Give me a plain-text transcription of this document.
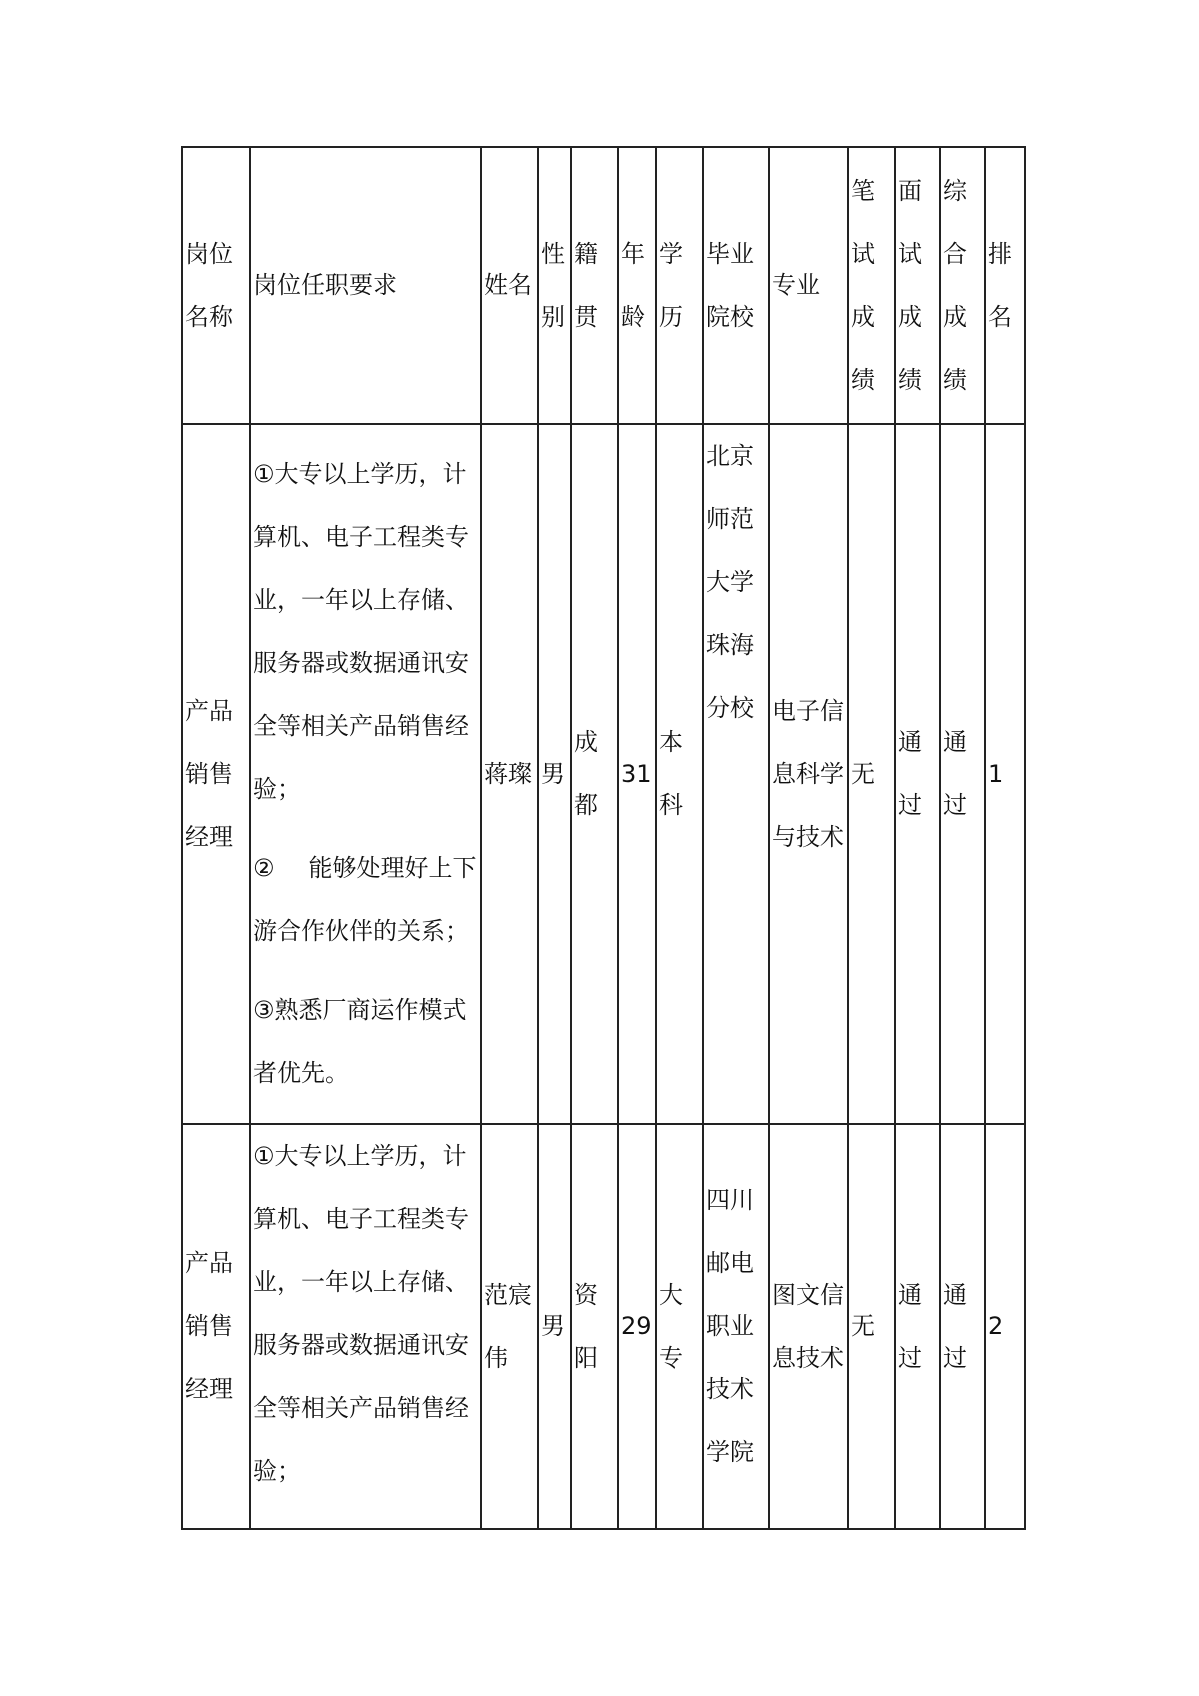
岗位名称	岗位任职要求	姓名	性别	籍贯	年龄	学历	毕业院校	专业	笔试成绩	面试成绩	综合成绩	排名
产品销售经理	①大专以上学历，计算机、电子工程类专业，一年以上存储、服务器或数据通讯安全等相关产品销售经验；

② 能够处理好上下游合作伙伴的关系；

③熟悉厂商运作模式者优先。	蒋璨	男	成都	31	本科	北京师范大学珠海分校	电子信息科学与技术	无	通过	通过	1
产品销售经理	①大专以上学历，计算机、电子工程类专业，一年以上存储、服务器或数据通讯安全等相关产品销售经验；	范宸伟	男	资阳	29	大专	四川邮电职业技术学院	图文信息技术	无	通过	通过	2
